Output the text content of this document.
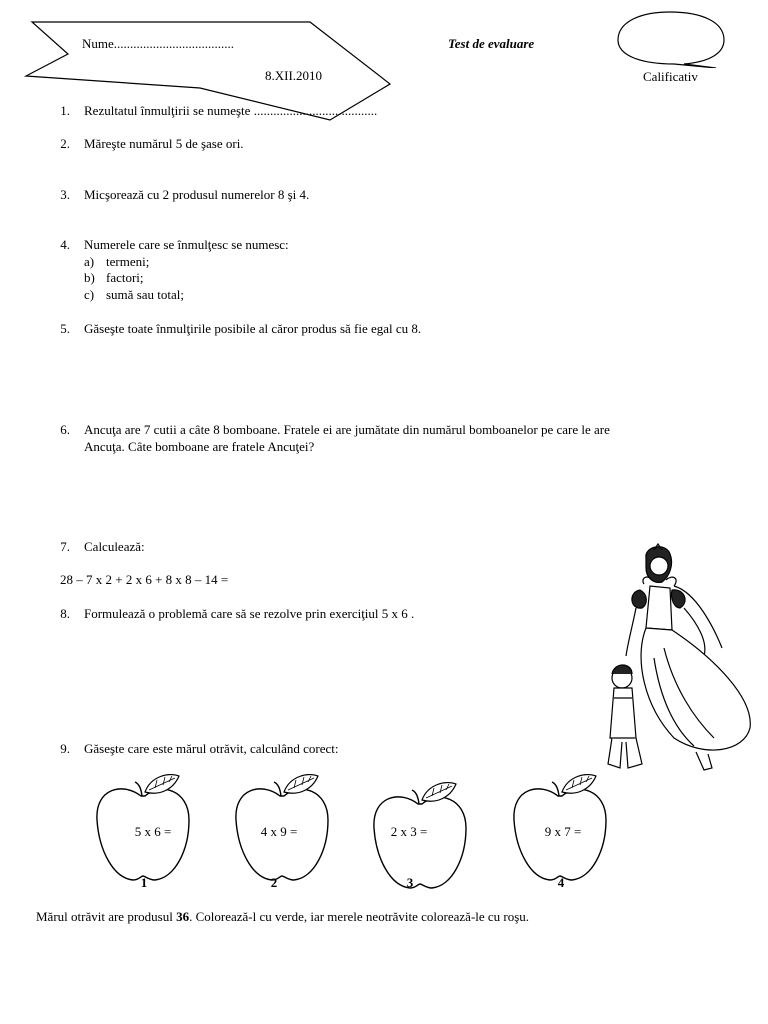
Nume.....................................
8.XII.2010
Test de evaluare
Calificativ
1. Rezultatul înmulţirii se numeşte ......................................
2. Măreşte numărul 5 de şase ori.
3. Micşorează cu 2 produsul numerelor 8 şi 4.
4. Numerele care se înmulţesc se numesc:
a) termeni;
b) factori;
c) sumă sau total;
5. Găseşte toate înmulţirile posibile al căror produs să fie egal cu 8.
6. Ancuţa are 7 cutii a câte 8 bomboane. Fratele ei are jumătate din numărul bomboanelor pe care le are
Ancuţa. Câte bomboane are fratele Ancuţei?
7. Calculează:
28 – 7 x 2 + 2 x 6 + 8 x 8 – 14 =
8. Formulează o problemă care să se rezolve prin exerciţiul 5 x 6 .
9. Găseşte care este mărul otrăvit, calculând corect:
5 x 6 =
1
4 x 9 =
2
2 x 3 =
3
9 x 7 =
4
Mărul otrăvit are produsul 36. Colorează-l cu verde, iar merele neotrăvite colorează-le cu roşu.
